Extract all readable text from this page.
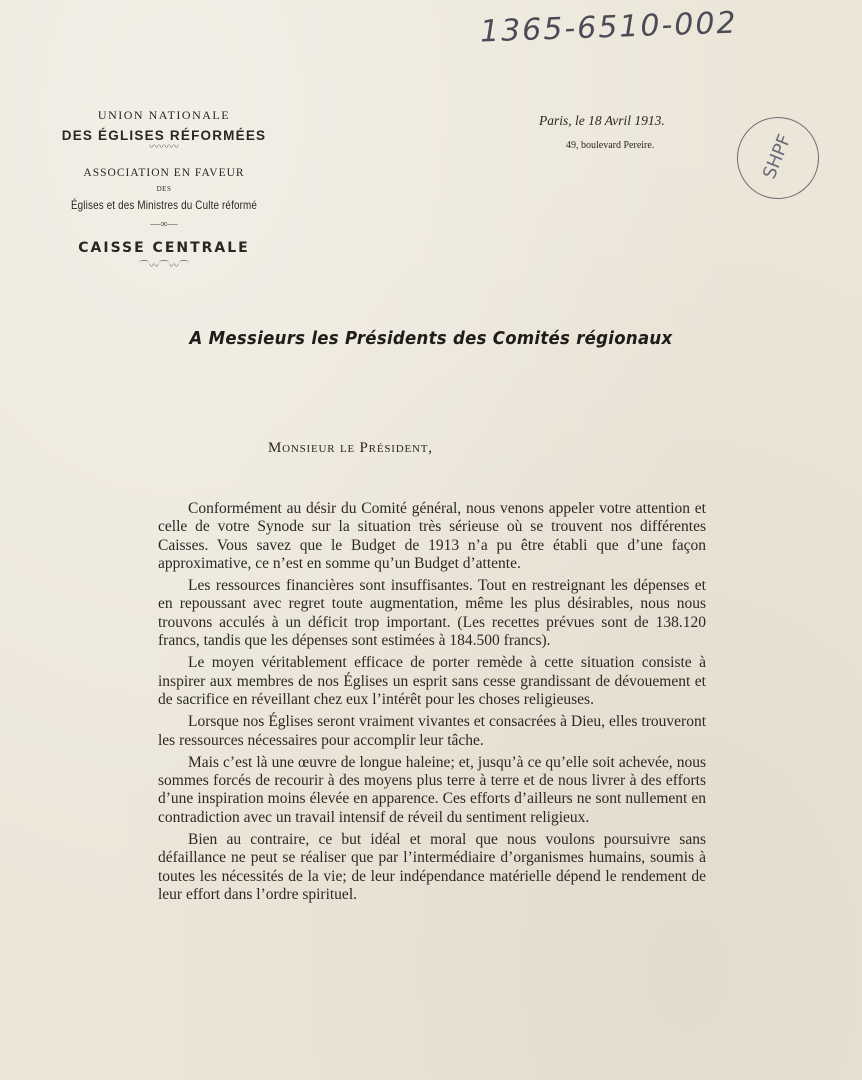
1365-6510-002
UNION NATIONALE
DES ÉGLISES RÉFORMÉES
〰〰〰
ASSOCIATION EN FAVEUR
DES
Églises et des Ministres du Culte réformé
—∞—
CAISSE CENTRALE
⌒〰⌒〰⌒
Paris, le 18 Avril 1913.
49, boulevard Pereire.	SHPF
A Messieurs les Présidents des Comités régionaux
Monsieur le Président,

Conformément au désir du Comité général, nous venons appeler votre attention et celle de votre Synode sur la situation très sérieuse où se trouvent nos différentes Caisses. Vous savez que le Budget de 1913 n’a pu être établi que d’une façon approximative, ce n’est en somme qu’un Budget d’attente.

Les ressources financières sont insuffisantes. Tout en restreignant les dépenses et en repoussant avec regret toute augmentation, même les plus désirables, nous nous trouvons acculés à un déficit trop important. (Les recettes prévues sont de 138.120 francs, tandis que les dépenses sont estimées à 184.500 francs).

Le moyen véritablement efficace de porter remède à cette situation consiste à inspirer aux membres de nos Églises un esprit sans cesse grandissant de dévouement et de sacrifice en réveillant chez eux l’intérêt pour les choses religieuses.

Lorsque nos Églises seront vraiment vivantes et consacrées à Dieu, elles trouveront les ressources nécessaires pour accomplir leur tâche.

Mais c’est là une œuvre de longue haleine; et, jusqu’à ce qu’elle soit achevée, nous sommes forcés de recourir à des moyens plus terre à terre et de nous livrer à des efforts d’une inspiration moins élevée en apparence. Ces efforts d’ailleurs ne sont nullement en contradiction avec un travail intensif de réveil du sentiment religieux.

Bien au contraire, ce but idéal et moral que nous voulons poursuivre sans défaillance ne peut se réaliser que par l’intermédiaire d’organismes humains, soumis à toutes les nécessités de la vie; de leur indépendance matérielle dépend le rendement de leur effort dans l’ordre spirituel.
